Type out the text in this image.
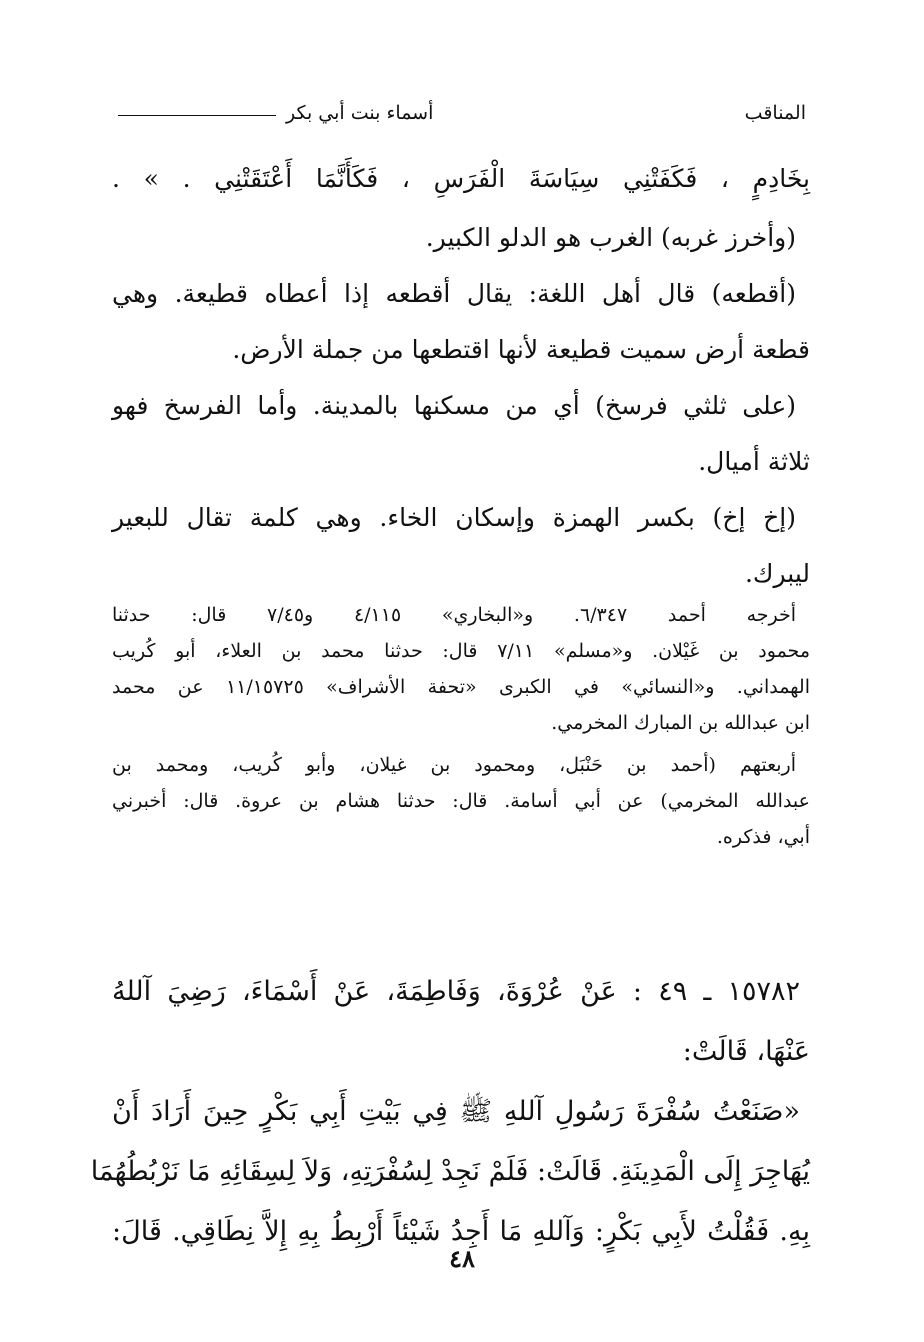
المناقب
أسماء بنت أبي بكر
بِخَادِمٍ ، فَكَفَتْنِي سِيَاسَةَ الْفَرَسِ ، فَكَأَنَّمَا أَعْتَقَتْنِي . » .
(وأخرز غربه) الغرب هو الدلو الكبير.
(أقطعه) قال أهل اللغة: يقال أقطعه إذا أعطاه قطيعة. وهي
قطعة أرض سميت قطيعة لأنها اقتطعها من جملة الأرض.
(على ثلثي فرسخ) أي من مسكنها بالمدينة. وأما الفرسخ فهو
ثلاثة أميال.
(إخ إخ) بكسر الهمزة وإسكان الخاء. وهي كلمة تقال للبعير
ليبرك.
أخرجه أحمد ٦/٣٤٧. و«البخاري» ٤/١١٥ و٧/٤٥ قال: حدثنا
محمود بن غَيْلان. و«مسلم» ٧/١١ قال: حدثنا محمد بن العلاء، أبو كُريب
الهمداني. و«النسائي» في الكبرى «تحفة الأشراف» ١١/١٥٧٢٥ عن محمد
ابن عبدالله بن المبارك المخرمي.
أربعتهم (أحمد بن حَنْبَل، ومحمود بن غيلان، وأبو كُريب، ومحمد بن
عبدالله المخرمي) عن أبي أسامة. قال: حدثنا هشام بن عروة. قال: أخبرني
أبي، فذكره.
١٥٧٨٢ ـ ٤٩ : عَنْ عُرْوَةَ، وَفَاطِمَةَ، عَنْ أَسْمَاءَ، رَضِيَ آللهُ
عَنْهَا، قَالَتْ:
«صَنَعْتُ سُفْرَةَ رَسُولِ آللهِ ﷺ فِي بَيْتِ أَبِي بَكْرٍ حِينَ أَرَادَ أَنْ
يُهَاجِرَ إِلَى الْمَدِينَةِ. قَالَتْ: فَلَمْ نَجِدْ لِسُفْرَتِهِ، وَلاَ لِسِقَائِهِ مَا نَرْبُطُهُمَا
بِهِ. فَقُلْتُ لأَبِي بَكْرٍ: وَآللهِ مَا أَجِدُ شَيْئاً أَرْبِطُ بِهِ إِلاَّ نِطَاقِي. قَالَ:
٤٨
